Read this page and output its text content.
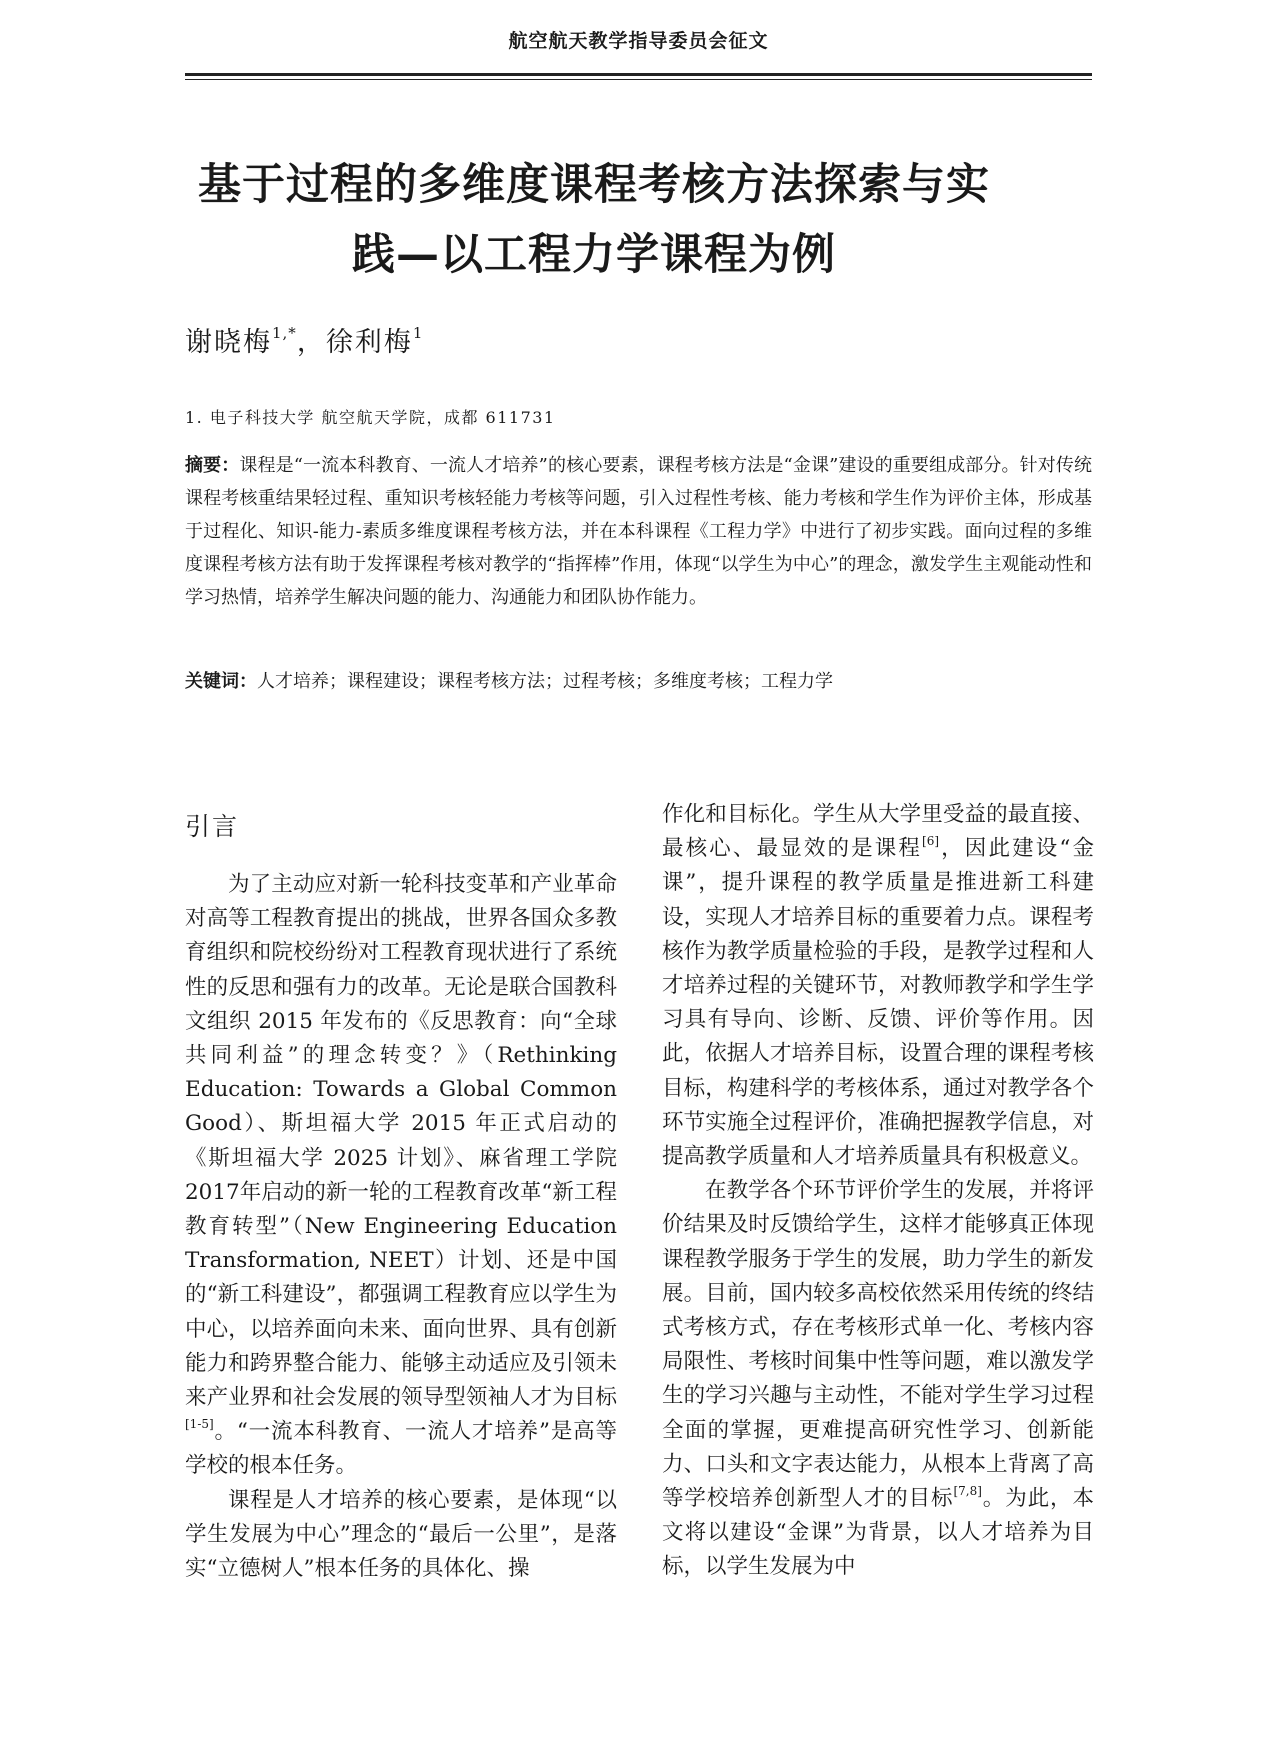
航空航天教学指导委员会征文
基于过程的多维度课程考核方法探索与实
践—以工程力学课程为例
谢晓梅$^{1,*}$，徐利梅$^1$
1. 电子科技大学 航空航天学院，成都 611731
摘要：课程是“一流本科教育、一流人才培养”的核心要素，课程考核方法是“金课”建设的重要组成部分。针对传统课程考核重结果轻过程、重知识考核轻能力考核等问题，引入过程性考核、能力考核和学生作为评价主体，形成基于过程化、知识-能力-素质多维度课程考核方法，并在本科课程《工程力学》中进行了初步实践。面向过程的多维度课程考核方法有助于发挥课程考核对教学的“指挥棒”作用，体现“以学生为中心”的理念，激发学生主观能动性和学习热情，培养学生解决问题的能力、沟通能力和团队协作能力。
关键词：人才培养；课程建设；课程考核方法；过程考核；多维度考核；工程力学
引言

为了主动应对新一轮科技变革和产业革命对高等工程教育提出的挑战，世界各国众多教育组织和院校纷纷对工程教育现状进行了系统性的反思和强有力的改革。无论是联合国教科文组织 2015 年发布的《反思教育：向“全球共同利益”的理念转变？》（Rethinking Education: Towards a Global Common Good）、斯坦福大学 2015 年正式启动的《斯坦福大学 2025 计划》、麻省理工学院2017年启动的新一轮的工程教育改革“新工程教育转型”（New Engineering Education Transformation, NEET）计划、还是中国的“新工科建设”，都强调工程教育应以学生为中心，以培养面向未来、面向世界、具有创新能力和跨界整合能力、能够主动适应及引领未来产业界和社会发展的领导型领袖人才为目标[1-5]。“一流本科教育、一流人才培养”是高等学校的根本任务。

课程是人才培养的核心要素，是体现“以学生发展为中心”理念的“最后一公里”，是落实“立德树人”根本任务的具体化、操

作化和目标化。学生从大学里受益的最直接、最核心、最显效的是课程[6]，因此建设“金课”，提升课程的教学质量是推进新工科建设，实现人才培养目标的重要着力点。课程考核作为教学质量检验的手段，是教学过程和人才培养过程的关键环节，对教师教学和学生学习具有导向、诊断、反馈、评价等作用。因此，依据人才培养目标，设置合理的课程考核目标，构建科学的考核体系，通过对教学各个环节实施全过程评价，准确把握教学信息，对提高教学质量和人才培养质量具有积极意义。

在教学各个环节评价学生的发展，并将评价结果及时反馈给学生，这样才能够真正体现课程教学服务于学生的发展，助力学生的新发展。目前，国内较多高校依然采用传统的终结式考核方式，存在考核形式单一化、考核内容局限性、考核时间集中性等问题，难以激发学生的学习兴趣与主动性，不能对学生学习过程全面的掌握，更难提高研究性学习、创新能力、口头和文字表达能力，从根本上背离了高等学校培养创新型人才的目标[7,8]。为此，本文将以建设“金课”为背景，以人才培养为目标，以学生发展为中
